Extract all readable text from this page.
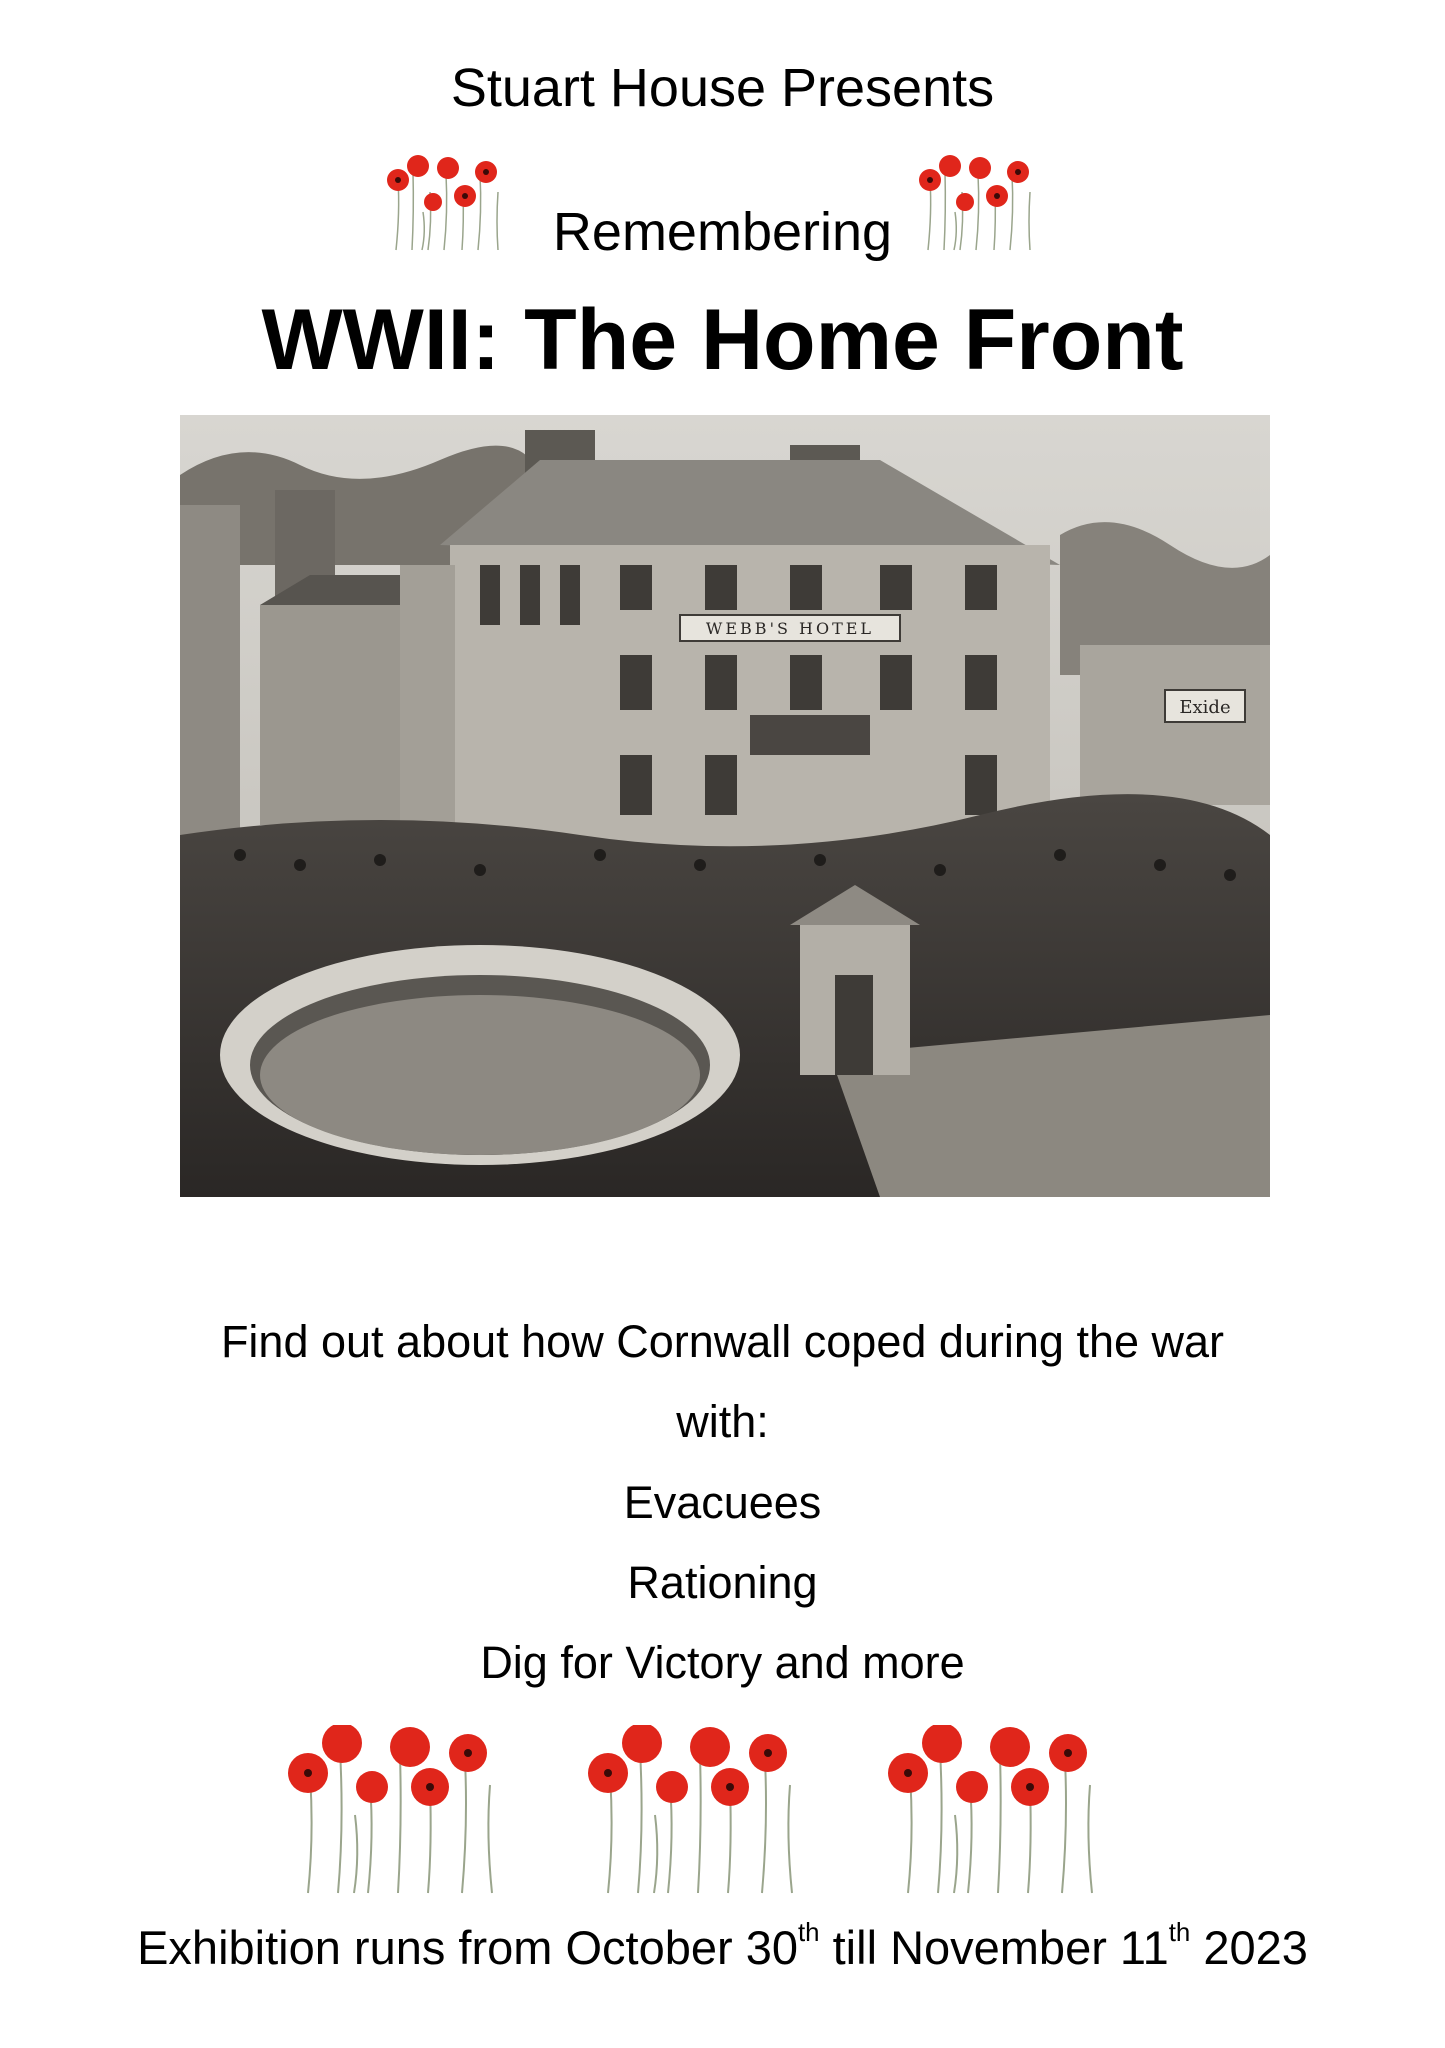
Stuart House Presents
Remembering
WWII: The Home Front
WEBB'S HOTEL
Exide
Find out about how Cornwall coped during the war
with:
Evacuees
Rationing
Dig for Victory and more
Exhibition runs from October 30th till November 11th 2023
